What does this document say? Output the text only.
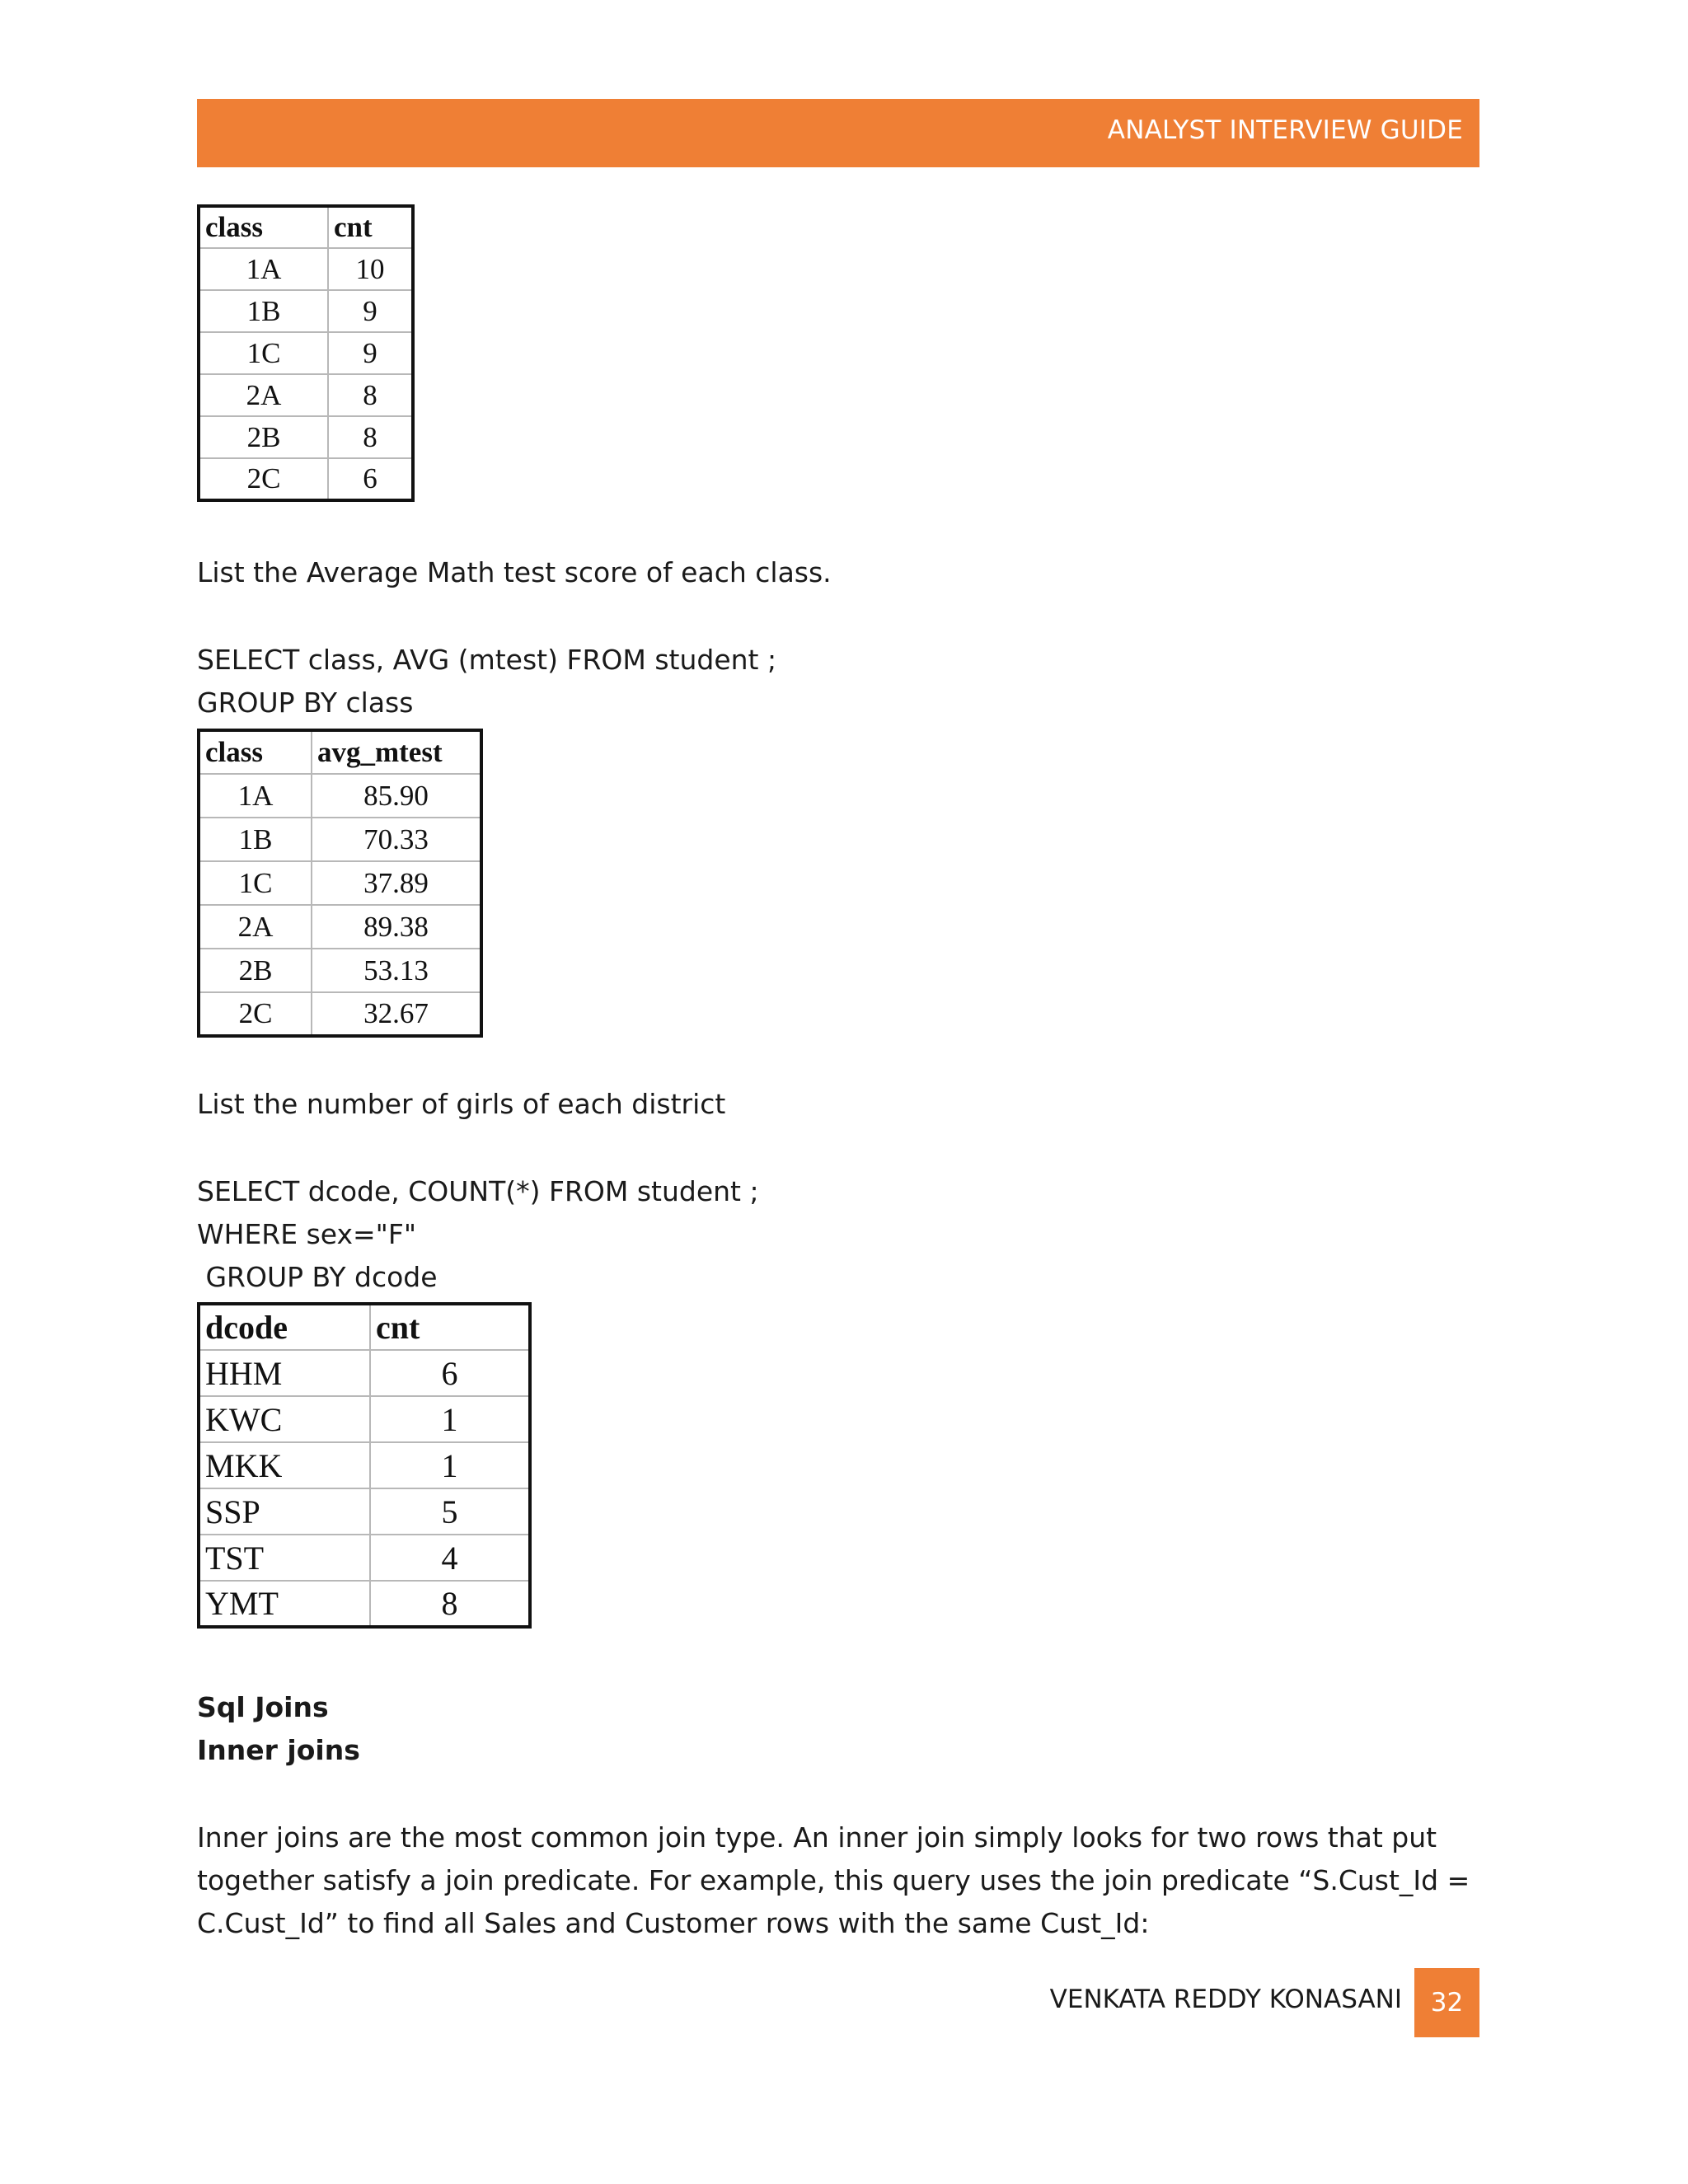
ANALYST INTERVIEW GUIDE
class	cnt
1A	10
1B	9
1C	9
2A	8
2B	8
2C	6

List the Average Math test score of each class.

SELECT class, AVG (mtest) FROM student ;

GROUP BY class

class	avg_mtest
1A	85.90
1B	70.33
1C	37.89
2A	89.38
2B	53.13
2C	32.67

List the number of girls of each district

SELECT dcode, COUNT(*) FROM student ;

WHERE sex="F"

GROUP BY dcode

dcode	cnt
HHM	6
KWC	1
MKK	1
SSP	5
TST	4
YMT	8

Sql Joins

Inner joins

Inner joins are the most common join type. An inner join simply looks for two rows that put

together satisfy a join predicate. For example, this query uses the join predicate “S.Cust_Id =

C.Cust_Id” to find all Sales and Customer rows with the same Cust_Id:

VENKATA REDDY KONASANI	32
